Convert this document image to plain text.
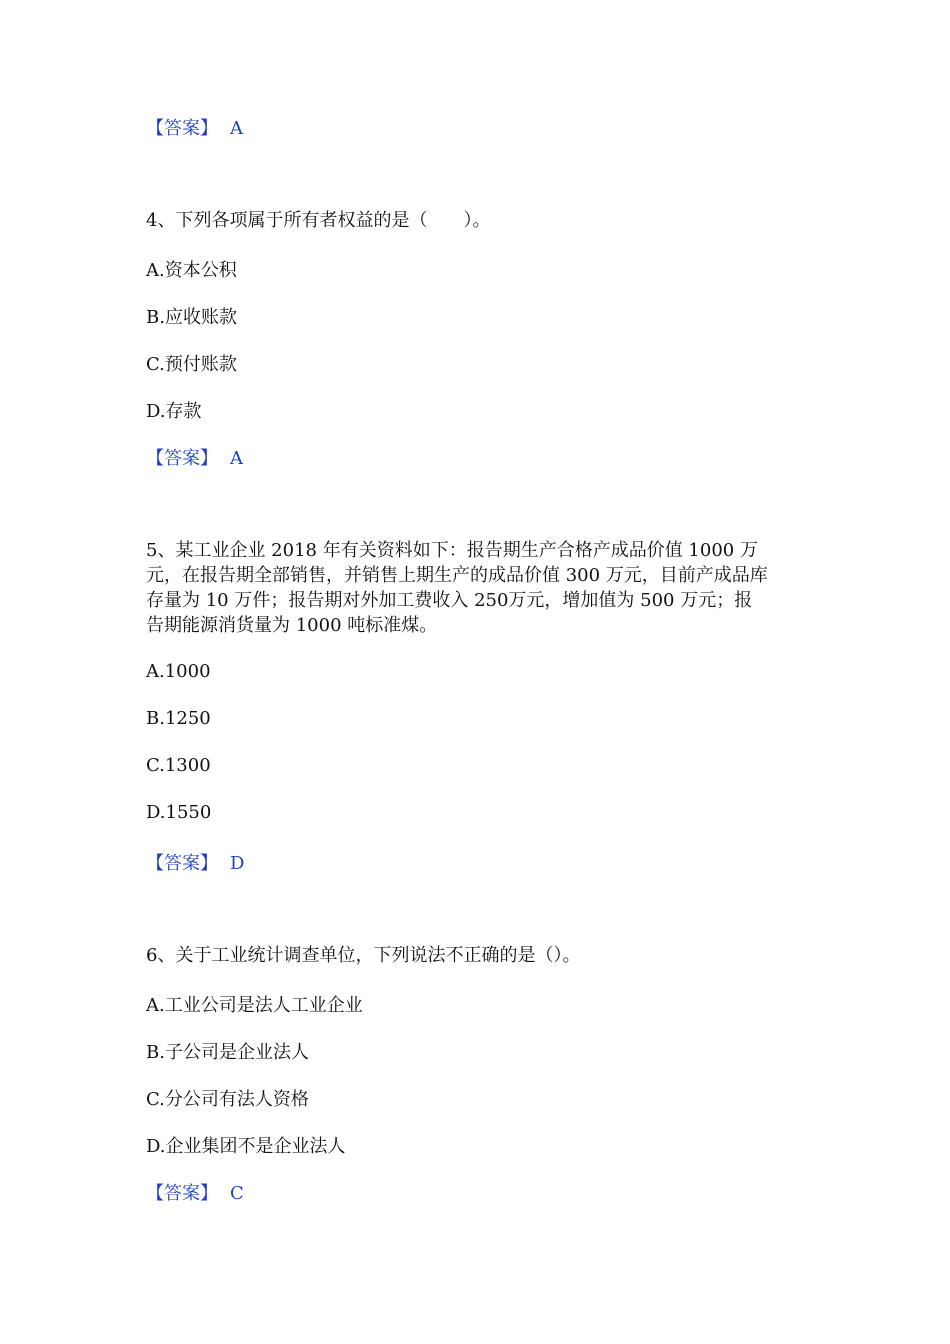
【答案】 A
4、下列各项属于所有者权益的是（　　）。
A.资本公积
B.应收账款
C.预付账款
D.存款
【答案】 A
5、某工业企业 2018 年有关资料如下：报告期生产合格产成品价值 1000 万
元，在报告期全部销售，并销售上期生产的成品价值 300 万元，目前产成品库
存量为 10 万件；报告期对外加工费收入 250万元，增加值为 500 万元；报
告期能源消货量为 1000 吨标准煤。
A.1000
B.1250
C.1300
D.1550
【答案】 D
6、关于工业统计调查单位，下列说法不正确的是（）。
A.工业公司是法人工业企业
B.子公司是企业法人
C.分公司有法人资格
D.企业集团不是企业法人
【答案】 C
